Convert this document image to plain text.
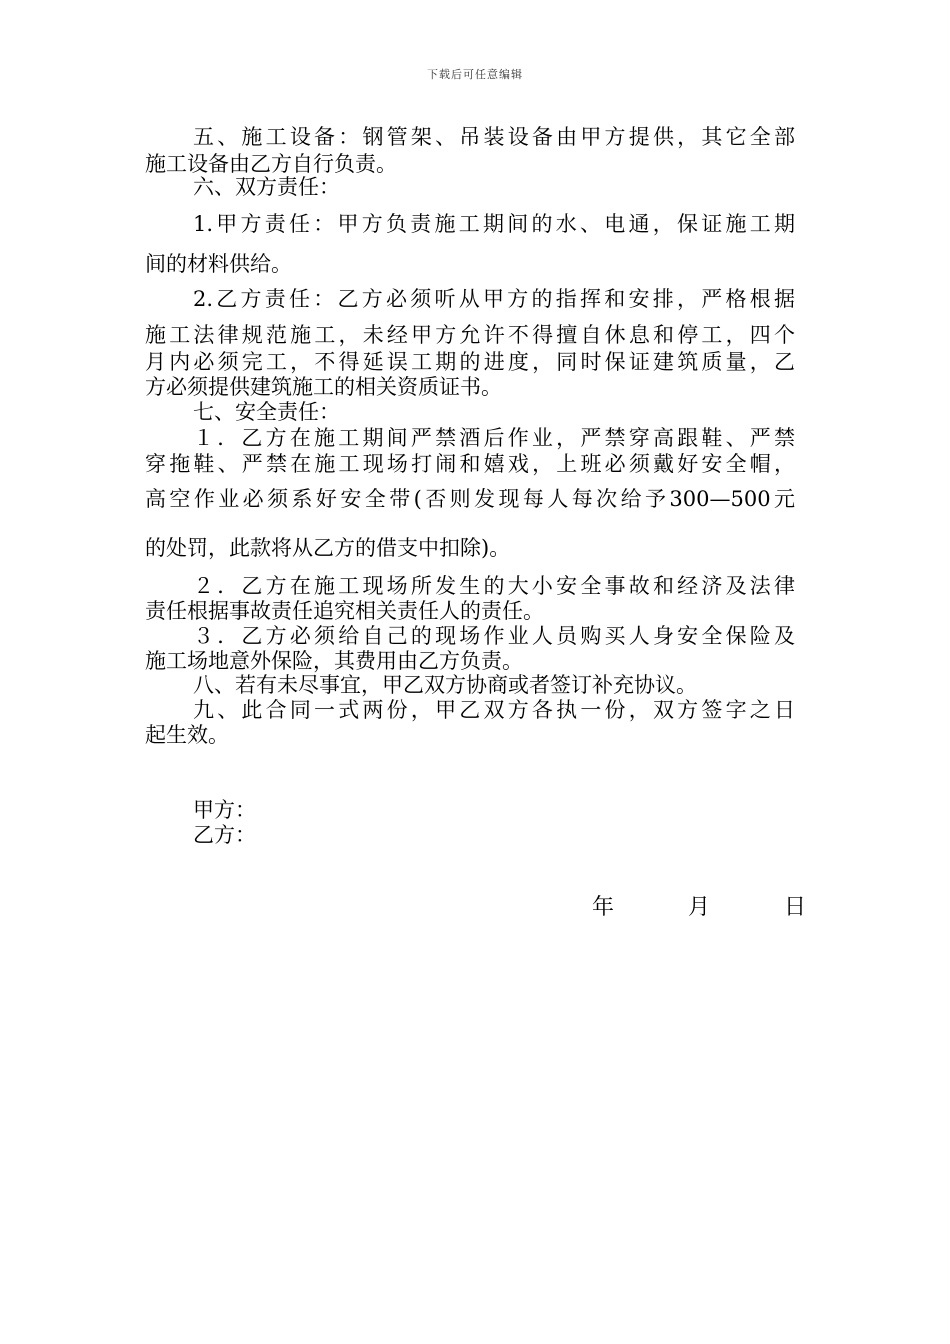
下载后可任意编辑

五、施工设备：钢管架、吊装设备由甲方提供，其它全部

施工设备由乙方自行负责。

六、双方责任：

1.甲方责任：甲方负责施工期间的水、电通，保证施工期

间的材料供给。

2.乙方责任：乙方必须听从甲方的指挥和安排，严格根据

施工法律规范施工，未经甲方允许不得擅自休息和停工，四个

月内必须完工，不得延误工期的进度，同时保证建筑质量，乙

方必须提供建筑施工的相关资质证书。

七、安全责任：

１．乙方在施工期间严禁酒后作业，严禁穿高跟鞋、严禁

穿拖鞋、严禁在施工现场打闹和嬉戏，上班必须戴好安全帽，

高空作业必须系好安全带(否则发现每人每次给予300—500元

的处罚，此款将从乙方的借支中扣除)。

２．乙方在施工现场所发生的大小安全事故和经济及法律

责任根据事故责任追究相关责任人的责任。

３．乙方必须给自己的现场作业人员购买人身安全保险及

施工场地意外保险，其费用由乙方负责。

八、若有未尽事宜，甲乙双方协商或者签订补充协议。

九、此合同一式两份，甲乙双方各执一份，双方签字之日

起生效。

甲方：

乙方：

年	月	日
